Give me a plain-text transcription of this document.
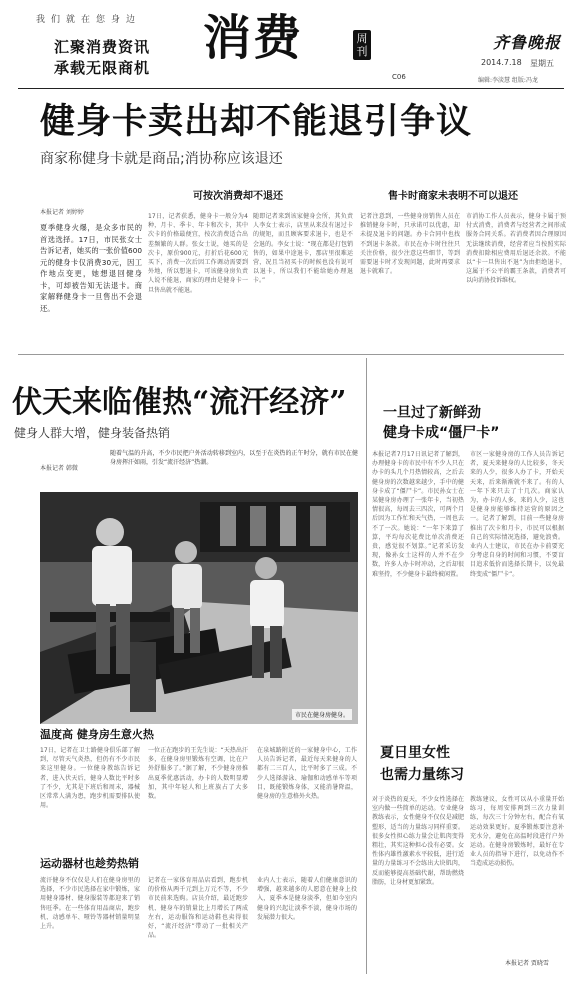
我们就在您身边
汇聚消费资讯
承载无限商机
消费	周刊
C06
齐鲁晚报
2014.7.18 星期五
编辑:李淡慧 组版:冯龙
健身卡卖出却不能退引争议
商家称健身卡就是商品;消协称应该退还
可按次消费却不退还	售卡时商家未表明不可以退还
本报记者 刘婷婷
夏季健身火爆，是众多市民的首选选择。17日，市民张女士告诉记者，她买的一张价值600元的健身卡仅消费30元，因工作地点变更，她想退回健身卡，可却被告知无法退卡。商家解释健身卡一旦售出不会退还。
17日，记者获悉，健身卡一般分为4种，月卡、季卡、年卡和次卡，其中次卡的价格最便宜，按次消费适合出差频繁的人群。张女士说，她买的是次卡，原价900元，打折后花600元买下，消费一次后因工作调动需要到外地，所以想退卡，可该健身房负责人说不能退，商家的理由是健身卡一旦售出就不能退。
随即记者来到该家健身会所，其负责人李女士表示，店里从来没有退过卡的规矩，而且顾客要求退卡，也是不会退的。李女士说：“现在都是打包销售的，如果中途退卡，那店里很难运营，况且当初买卡的时候也没有说可以退卡，所以我们不能给她办理退卡。”
记者注意到，一些健身房销售人员在推销健身卡时，只承诺可以优惠，却未提及退卡的问题。办卡合同中也找不到退卡条款。市民在办卡时往往只关注价格，很少注意这些细节，等到需要退卡时才发现问题，此时再要求退卡就难了。
市消协工作人员表示，健身卡属于预付式消费，消费者与经营者之间形成服务合同关系。若消费者因合理原因无法继续消费，经营者应当按照实际消费扣除相应费用后退还余款。不能以“卡一旦售出不退”为由拒绝退卡，这属于不公平的霸王条款，消费者可以向消协投诉维权。
伏天来临催热“流汗经济”
健身人群大增，健身装备热销
本报记者 韩微
随着气温的升高，不少市民把户外活动转移到室内，以至于在炎热的正午时分，就有市民在健身房挥汗如雨，引发“流汗经济”热潮。
市民在健身房健身。
温度高 健身房生意火热
17日，记者在卫士路健身俱乐部了解到，尽管天气炎热，但仍有不少市民来这里健身。一位健身教练告诉记者，进入伏天后，健身人数比平时多了不少，尤其是下班后和周末，器械区常常人满为患，跑步机需要排队使用。
一位正在跑步的王先生说：“天热出汗多，在健身房里锻炼有空调，比在户外舒服多了。”据了解，不少健身房推出夏季优惠活动，办卡的人数明显增加，其中年轻人和上班族占了大多数。
在泉城路附近的一家健身中心，工作人员告诉记者，最近每天来健身的人都有二三百人，比平时多了三成。不少人选择游泳、瑜伽和动感单车等项目，既能锻炼身体，又能消暑降温，健身房的生意格外火热。
运动器材也趁势热销
流汗健身不仅仅是人们在健身房里的选择，不少市民选择在家中锻炼，家用健身器材、健身服装等都迎来了销售旺季。在一些体育用品商店，跑步机、动感单车、哑铃等器材销量明显上升。
记者在一家体育用品店看到，跑步机的价格从两千元到上万元不等，不少市民前来选购。店员介绍，最近跑步机、健身车的销量比上月增长了两成左右，运动服饰和运动鞋也卖得很好，“流汗经济”带动了一批相关产品。
业内人士表示，随着人们健康意识的增强，越来越多的人愿意在健身上投入，夏季本是健身淡季，但如今室内健身的兴起让淡季不淡，健身市场的发展潜力很大。
一旦过了新鲜劲
健身卡成“僵尸卡”
本报记者7月17日讯记者了解到，办理健身卡的市民中有不少人只在办卡的头几个月热情较高，之后去健身房的次数越来越少，手中的健身卡成了“僵尸卡”。市民孙女士在某健身房办理了一张年卡，当初热情很高，每周去三四次，可两个月后因为工作忙和天气热，一周也去不了一次。她说：“一年下来算了算，平均每次花费比单次消费还贵，感觉很不划算。”记者采访发现，像孙女士这样的人并不在少数，许多人办卡时冲动，之后却很难坚持，不少健身卡最终被闲置。
市区一家健身房的工作人员告诉记者，夏天来健身的人比较多，冬天来的人少，很多人办了卡，开始天天来，后来渐渐就不来了。有的人一年下来只去了十几次。商家认为，办卡的人多，来的人少，这也是健身房能够维持运营的原因之一。记者了解到，目前一些健身房推出了次卡和月卡，市民可以根据自己的实际情况选择，避免浪费。业内人士建议，市民在办卡前要充分考虑自身的时间和习惯，不要盲目追求低价而选择长期卡，以免最终变成“僵尸卡”。
夏日里女性
也需力量练习
对于炎热的夏天，不少女性选择在室内做一些简单的运动。专业健身教练表示，女性健身不仅仅是减肥塑形，适当的力量练习同样重要。很多女性担心练力量会让肌肉变得粗壮，其实这种担心没有必要。女性体内雄性激素水平较低，进行适量的力量练习不会练出大块肌肉，反而能够提高基础代谢，帮助燃烧脂肪，让身材更加紧致。
教练建议，女性可以从小重量开始练习，每周安排两到三次力量训练，每次三十分钟左右，配合有氧运动效果更好。夏季锻炼要注意补充水分，避免在高温时段进行户外运动。在健身房锻炼时，最好在专业人员的指导下进行，以免动作不当造成运动损伤。
本报记者 贾晓雪
